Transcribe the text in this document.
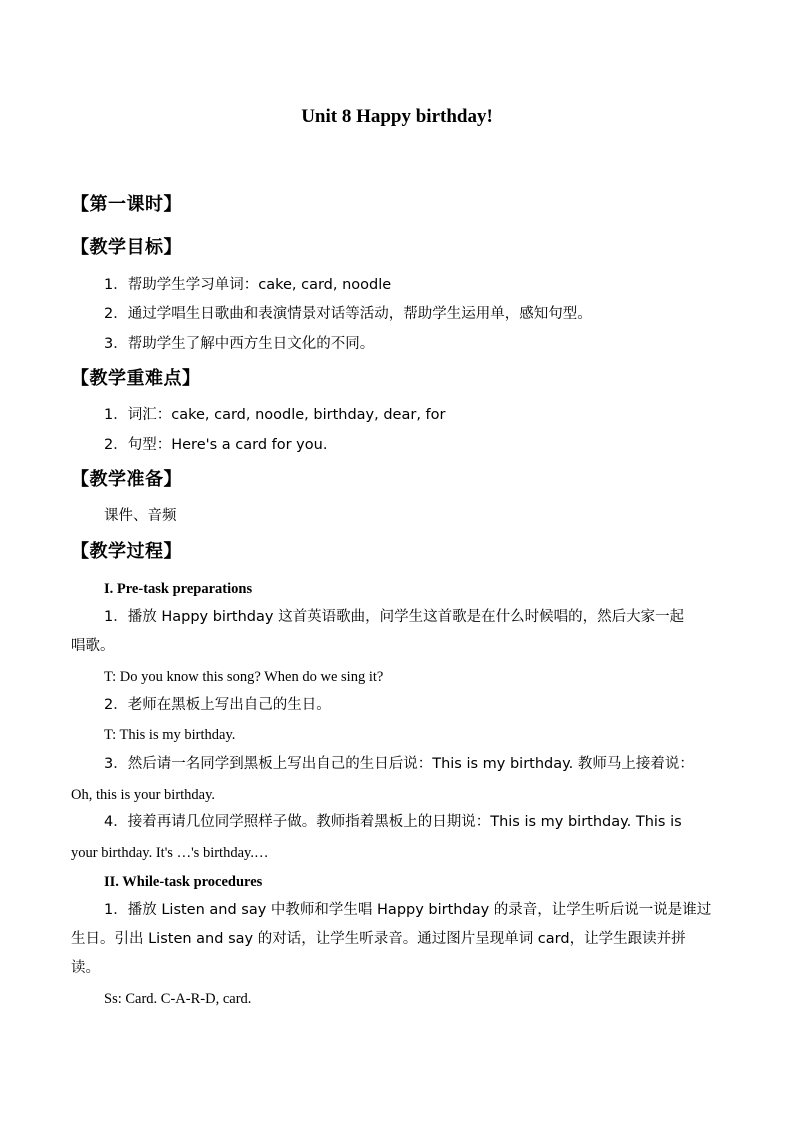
Unit 8 Happy birthday!
【第一课时】
【教学目标】
1．帮助学生学习单词：cake, card, noodle
2．通过学唱生日歌曲和表演情景对话等活动，帮助学生运用单，感知句型。
3．帮助学生了解中西方生日文化的不同。
【教学重难点】
1．词汇：cake, card, noodle, birthday, dear, for
2．句型：Here's a card for you.
【教学准备】
课件、音频
【教学过程】
I. Pre-task preparations
1．播放 Happy birthday 这首英语歌曲，问学生这首歌是在什么时候唱的，然后大家一起
唱歌。
T: Do you know this song? When do we sing it?
2．老师在黑板上写出自己的生日。
T: This is my birthday.
3．然后请一名同学到黑板上写出自己的生日后说：This is my birthday. 教师马上接着说：
Oh, this is your birthday.
4．接着再请几位同学照样子做。教师指着黑板上的日期说：This is my birthday. This is
your birthday. It's …'s birthday.…
II. While-task procedures
1．播放 Listen and say 中教师和学生唱 Happy birthday 的录音，让学生听后说一说是谁过
生日。引出 Listen and say 的对话，让学生听录音。通过图片呈现单词 card，让学生跟读并拼
读。
Ss: Card. C-A-R-D, card.
